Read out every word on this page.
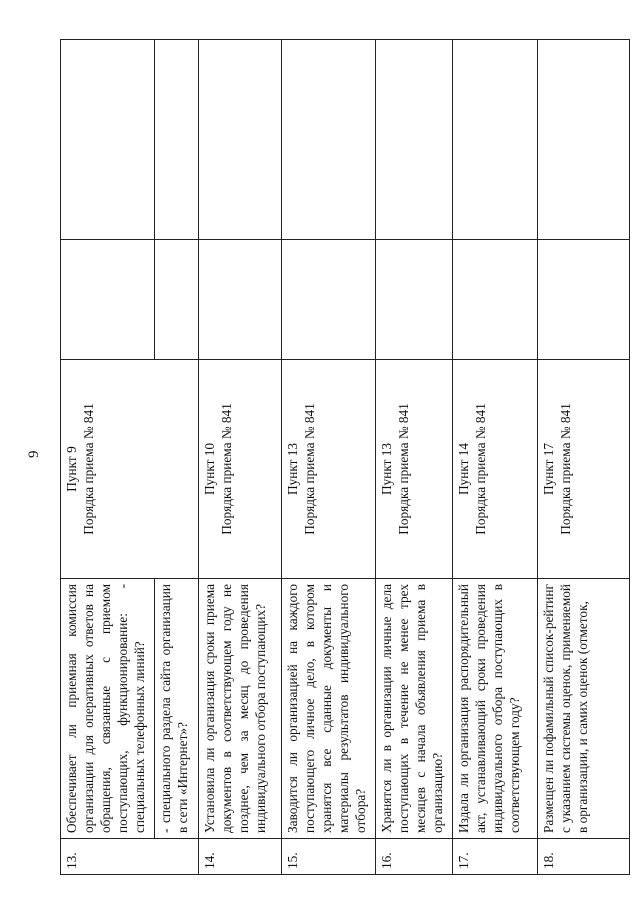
9
13.	Обеспечивает ли приемная комиссия организации для оперативных ответов на обращения, связанные с приемом поступающих, функционирование: - специальных телефонных линий?	Пункт 9 Порядка приема № 841		

	- специального раздела сайта организации в сети «Интернет»?			
14.	Установила ли организация сроки приема документов в соответствующем году не позднее, чем за месяц до проведения индивидуального отбора поступающих?	Пункт 10 Порядка приема № 841		

15.	Заводится ли организацией на каждого поступающего личное дело, в котором хранятся все сданные документы и материалы результатов индивидуального отбора?	Пункт 13 Порядка приема № 841		

16.	Хранятся ли в организации личные дела поступающих в течение не менее трех месяцев с начала объявления приема в организацию?	Пункт 13 Порядка приема № 841		

17.	Издала ли организация распорядительный акт, устанавливающий сроки проведения индивидуального отбора поступающих в соответствующем году?	Пункт 14 Порядка приема № 841		

18.	Размещен ли пофамильный список-рейтинг с указанием системы оценок, применяемой в организации, и самих оценок (отметок,	Пункт 17 Порядка приема № 841		
